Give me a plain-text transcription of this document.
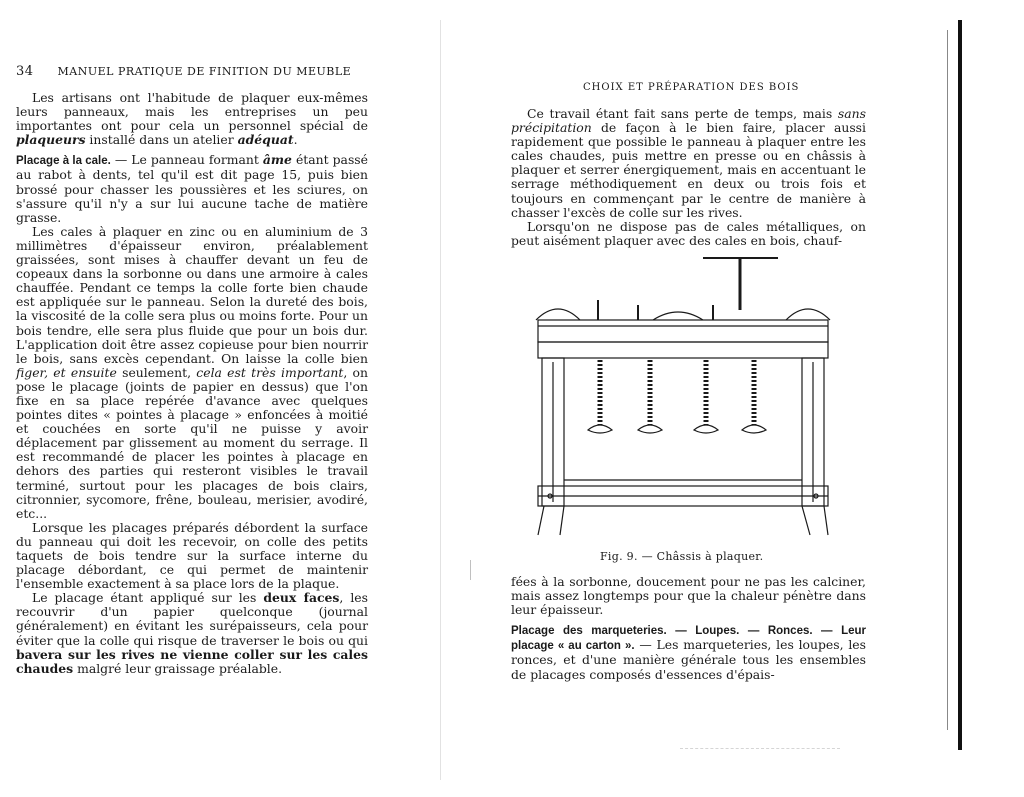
34 MANUEL PRATIQUE DE FINITION DU MEUBLE

Les artisans ont l'habitude de plaquer eux-mêmes leurs panneaux, mais les entreprises un peu importantes ont pour cela un personnel spécial de plaqueurs installé dans un atelier adéquat.

Placage à la cale. — Le panneau formant âme étant passé au rabot à dents, tel qu'il est dit page 15, puis bien brossé pour chasser les poussières et les sciures, on s'assure qu'il n'y a sur lui aucune tache de matière grasse.

Les cales à plaquer en zinc ou en aluminium de 3 millimètres d'épaisseur environ, préalablement graissées, sont mises à chauffer devant un feu de copeaux dans la sorbonne ou dans une armoire à cales chauffée. Pendant ce temps la colle forte bien chaude est appliquée sur le panneau. Selon la dureté des bois, la viscosité de la colle sera plus ou moins forte. Pour un bois tendre, elle sera plus fluide que pour un bois dur. L'application doit être assez copieuse pour bien nourrir le bois, sans excès cependant. On laisse la colle bien figer, et ensuite seulement, cela est très important, on pose le placage (joints de papier en dessus) que l'on fixe en sa place repérée d'avance avec quelques pointes dites « pointes à placage » enfoncées à moitié et couchées en sorte qu'il ne puisse y avoir déplacement par glissement au moment du serrage. Il est recommandé de placer les pointes à placage en dehors des parties qui resteront visibles le travail terminé, surtout pour les placages de bois clairs, citronnier, sycomore, frêne, bouleau, merisier, avodiré, etc...

Lorsque les placages préparés débordent la surface du panneau qui doit les recevoir, on colle des petits taquets de bois tendre sur la surface interne du placage débordant, ce qui permet de maintenir l'ensemble exactement à sa place lors de la plaque.

Le placage étant appliqué sur les deux faces, les recouvrir d'un papier quelconque (journal généralement) en évitant les surépaisseurs, cela pour éviter que la colle qui risque de traverser le bois ou qui bavera sur les rives ne vienne coller sur les cales chaudes malgré leur graissage préalable.

CHOIX ET PRÉPARATION DES BOIS

Ce travail étant fait sans perte de temps, mais sans précipitation de façon à le bien faire, placer aussi rapidement que possible le panneau à plaquer entre les cales chaudes, puis mettre en presse ou en châssis à plaquer et serrer énergiquement, mais en accentuant le serrage méthodiquement en deux ou trois fois et toujours en commençant par le centre de manière à chasser l'excès de colle sur les rives.

Lorsqu'on ne dispose pas de cales métalliques, on peut aisément plaquer avec des cales en bois, chauf-

Fig. 9. — Châssis à plaquer.

fées à la sorbonne, doucement pour ne pas les calciner, mais assez longtemps pour que la chaleur pénètre dans leur épaisseur.

Placage des marqueteries. — Loupes. — Ronces. — Leur placage « au carton ». — Les marqueteries, les loupes, les ronces, et d'une manière générale tous les ensembles de placages composés d'essences d'épais-
